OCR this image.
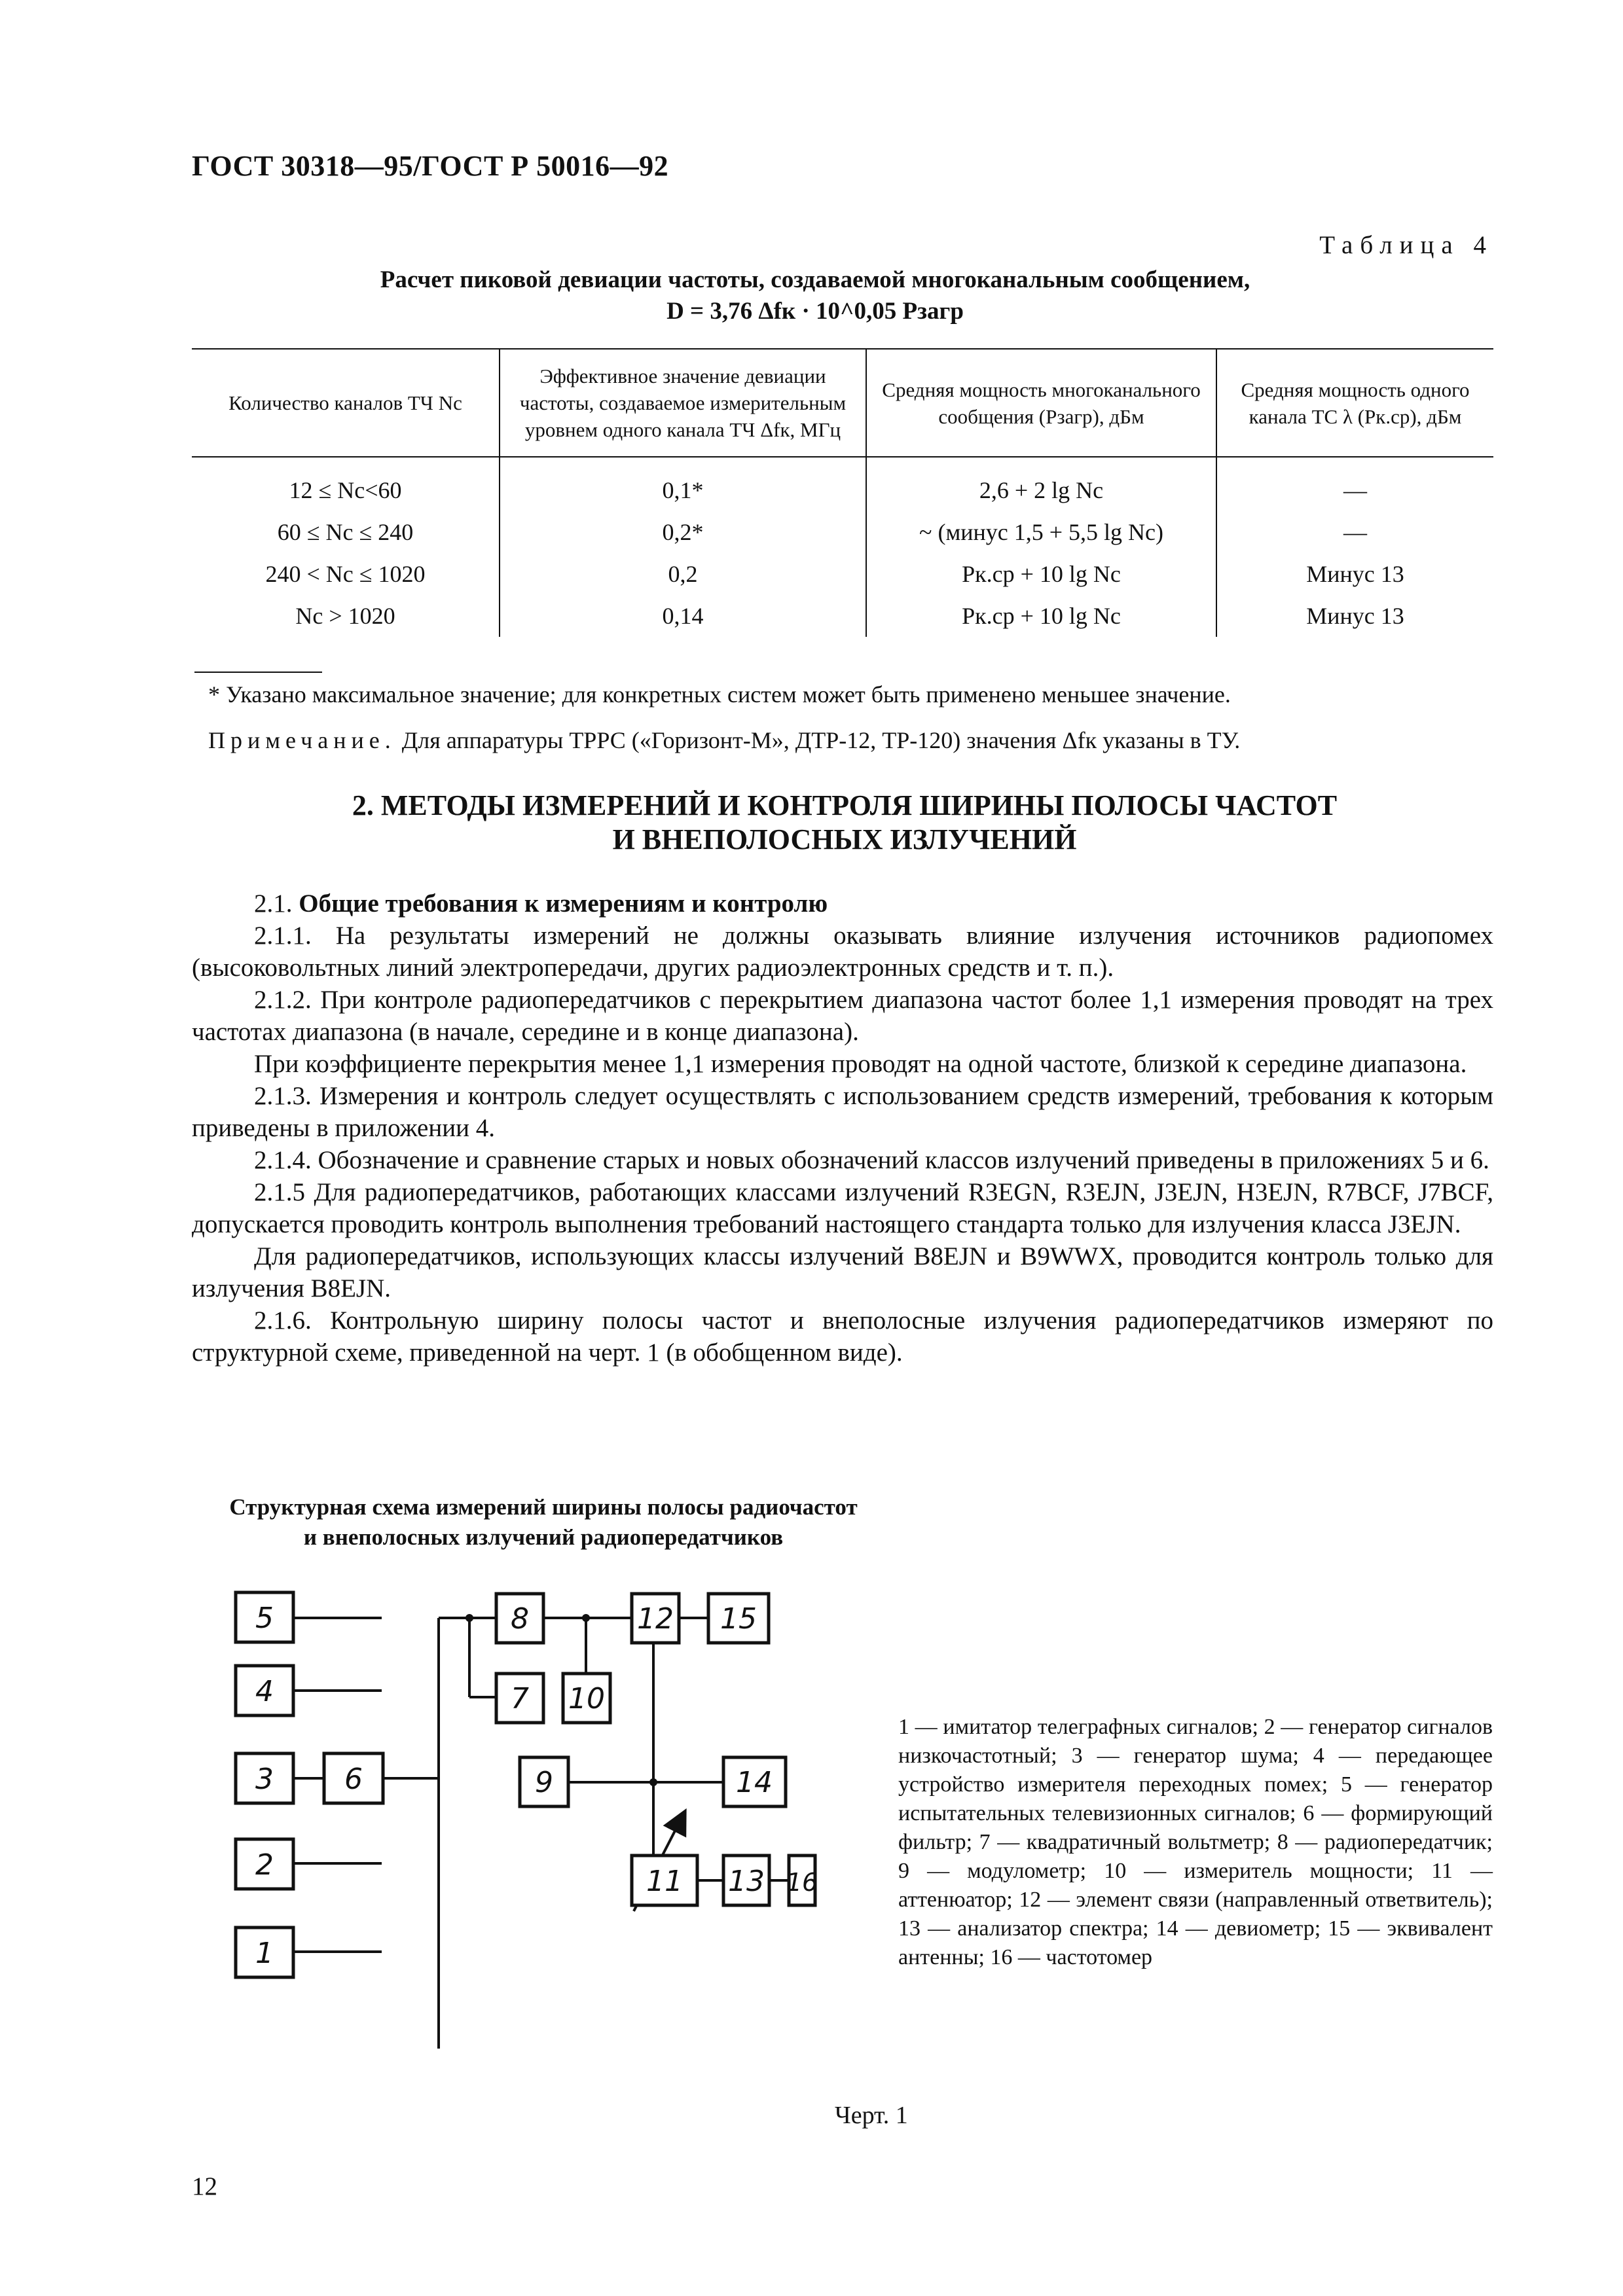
ГОСТ 30318—95/ГОСТ Р 50016—92
Таблица 4
Расчет пиковой девиации частоты, создаваемой многоканальным сообщением,
D = 3,76 Δfк · 10^0,05 Pзагр
Количество каналов ТЧ Nс	Эффективное значение девиации частоты, создаваемое измерительным уровнем одного канала ТЧ Δfк, МГц	Средняя мощность многоканального сообщения (Pзагр), дБм	Средняя мощность одного канала ТС λ (Pк.ср), дБм
12 ≤ Nс<60	0,1*	2,6 + 2 lg Nс	—
60 ≤ Nс ≤ 240	0,2*	~ (минус 1,5 + 5,5 lg Nс)	—
240 < Nс ≤ 1020	0,2	Pк.ср + 10 lg Nс	Минус 13
Nс > 1020	0,14	Pк.ср + 10 lg Nс	Минус 13
* Указано максимальное значение; для конкретных систем может быть применено меньшее значение.
Примечание. Для аппаратуры ТРРС («Горизонт-М», ДТР-12, ТР-120) значения Δfк указаны в ТУ.
2. МЕТОДЫ ИЗМЕРЕНИЙ И КОНТРОЛЯ ШИРИНЫ ПОЛОСЫ ЧАСТОТ
И ВНЕПОЛОСНЫХ ИЗЛУЧЕНИЙ

2.1. Общие требования к измерениям и контролю

2.1.1. На результаты измерений не должны оказывать влияние излучения источников радиопомех (высоковольтных линий электропередачи, других радиоэлектронных средств и т. п.).

2.1.2. При контроле радиопередатчиков с перекрытием диапазона частот более 1,1 измерения проводят на трех частотах диапазона (в начале, середине и в конце диапазона).

При коэффициенте перекрытия менее 1,1 измерения проводят на одной частоте, близкой к середине диапазона.

2.1.3. Измерения и контроль следует осуществлять с использованием средств измерений, требования к которым приведены в приложении 4.

2.1.4. Обозначение и сравнение старых и новых обозначений классов излучений приведены в приложениях 5 и 6.

2.1.5 Для радиопередатчиков, работающих классами излучений R3EGN, R3EJN, J3EJN, H3EJN, R7BCF, J7BCF, допускается проводить контроль выполнения требований настоящего стандарта только для излучения класса J3EJN.

Для радиопередатчиков, использующих классы излучений B8EJN и B9WWX, проводится контроль только для излучения B8EJN.

2.1.6. Контрольную ширину полосы частот и внеполосные излучения радиопередатчиков измеряют по структурной схеме, приведенной на черт. 1 (в обобщенном виде).

Структурная схема измерений ширины полосы радиочастот
и внеполосных излучений радиопередатчиков
5
4
3 6
2
1
8
7 10
12 15
9	14
11 13 16
1 — имитатор телеграфных сигналов; 2 — генератор сигналов низкочастотный; 3 — генератор шума; 4 — передающее устройство измерителя переходных помех; 5 — генератор испытательных телевизионных сигналов; 6 — формирующий фильтр; 7 — квадратичный вольтметр; 8 — радиопередатчик; 9 — модулометр; 10 — измеритель мощности; 11 — аттенюатор; 12 — элемент связи (направленный ответвитель); 13 — анализатор спектра; 14 — девиометр; 15 — эквивалент антенны; 16 — частотомер
Черт. 1
12
